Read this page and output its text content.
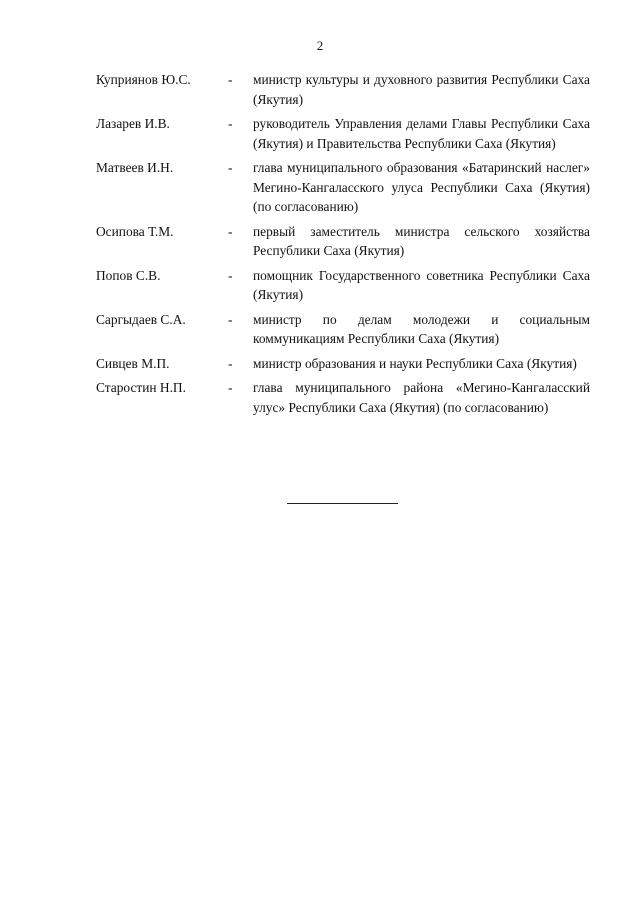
2
Куприянов Ю.С.	-	министр культуры и духовного развития Республики Саха (Якутия)
Лазарев И.В.	-	руководитель Управления делами Главы Республики Саха (Якутия) и Правительства Республики Саха (Якутия)
Матвеев И.Н.	-	глава муниципального образования «Батаринский наслег» Мегино-Кангаласского улуса Республики Саха (Якутия) (по согласованию)
Осипова Т.М.	-	первый заместитель министра сельского хозяйства Республики Саха (Якутия)
Попов С.В.	-	помощник Государственного советника Республики Саха (Якутия)
Саргыдаев С.А.	-	министр по делам молодежи и социальным коммуникациям Республики Саха (Якутия)
Сивцев М.П.	-	министр образования и науки Республики Саха (Якутия)
Старостин Н.П.	-	глава муниципального района «Мегино-Кангаласский улус» Республики Саха (Якутия) (по согласованию)
